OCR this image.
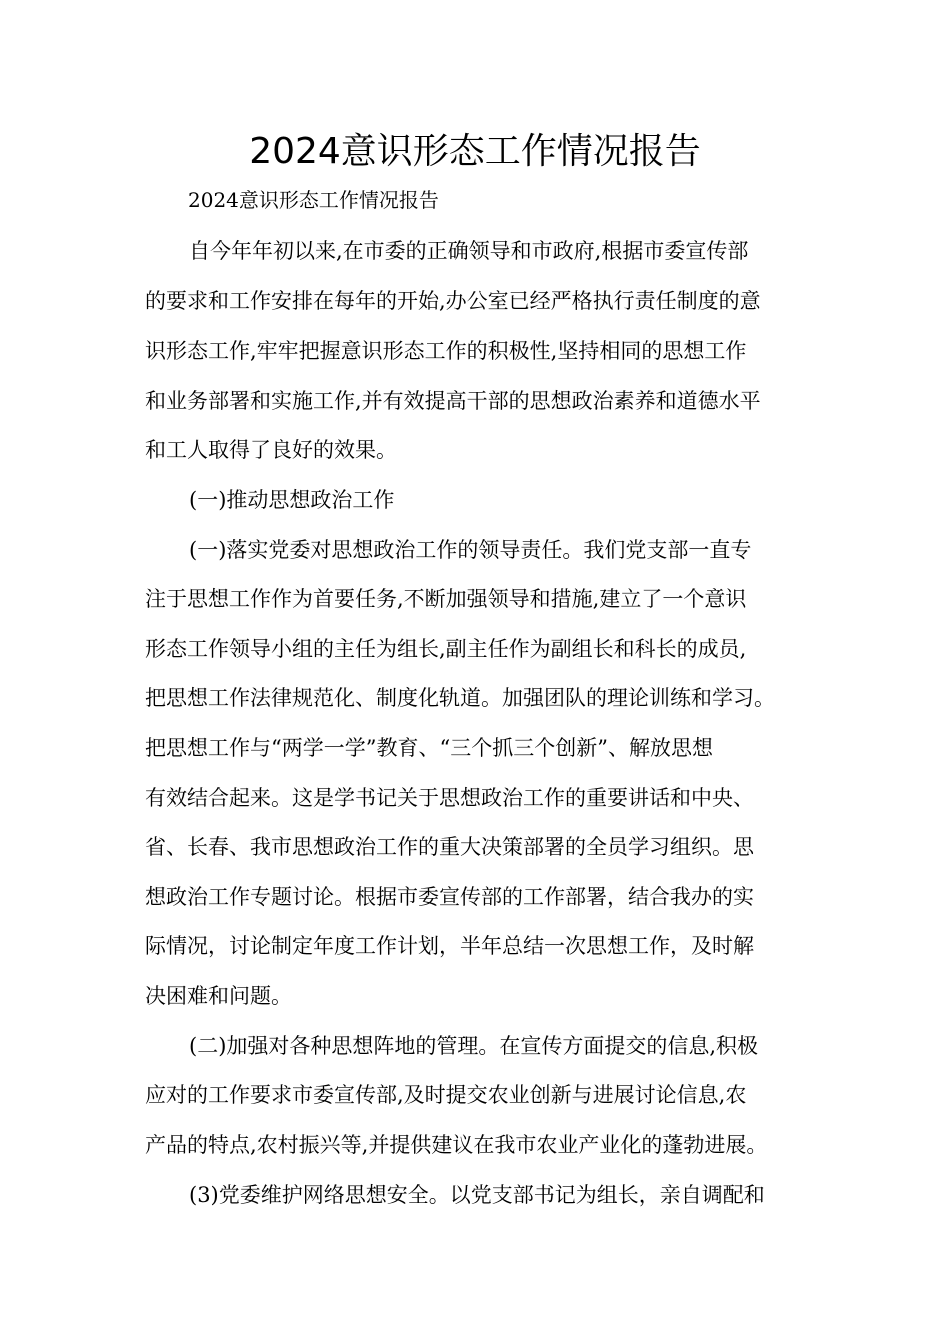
2024意识形态工作情况报告
2024意识形态工作情况报告
自今年年初以来,在市委的正确领导和市政府,根据市委宣传部
的要求和工作安排在每年的开始,办公室已经严格执行责任制度的意
识形态工作,牢牢把握意识形态工作的积极性,坚持相同的思想工作
和业务部署和实施工作,并有效提高干部的思想政治素养和道德水平
和工人取得了良好的效果。
(一)推动思想政治工作
(一)落实党委对思想政治工作的领导责任。我们党支部一直专
注于思想工作作为首要任务,不断加强领导和措施,建立了一个意识
形态工作领导小组的主任为组长,副主任作为副组长和科长的成员,
把思想工作法律规范化、制度化轨道。加强团队的理论训练和学习。
把思想工作与“两学一学”教育、“三个抓三个创新”、解放思想
有效结合起来。这是学书记关于思想政治工作的重要讲话和中央、
省、长春、我市思想政治工作的重大决策部署的全员学习组织。思
想政治工作专题讨论。根据市委宣传部的工作部署，结合我办的实
际情况，讨论制定年度工作计划，半年总结一次思想工作，及时解
决困难和问题。
(二)加强对各种思想阵地的管理。在宣传方面提交的信息,积极
应对的工作要求市委宣传部,及时提交农业创新与进展讨论信息,农
产品的特点,农村振兴等,并提供建议在我市农业产业化的蓬勃进展。
(3)党委维护网络思想安全。以党支部书记为组长，亲自调配和
